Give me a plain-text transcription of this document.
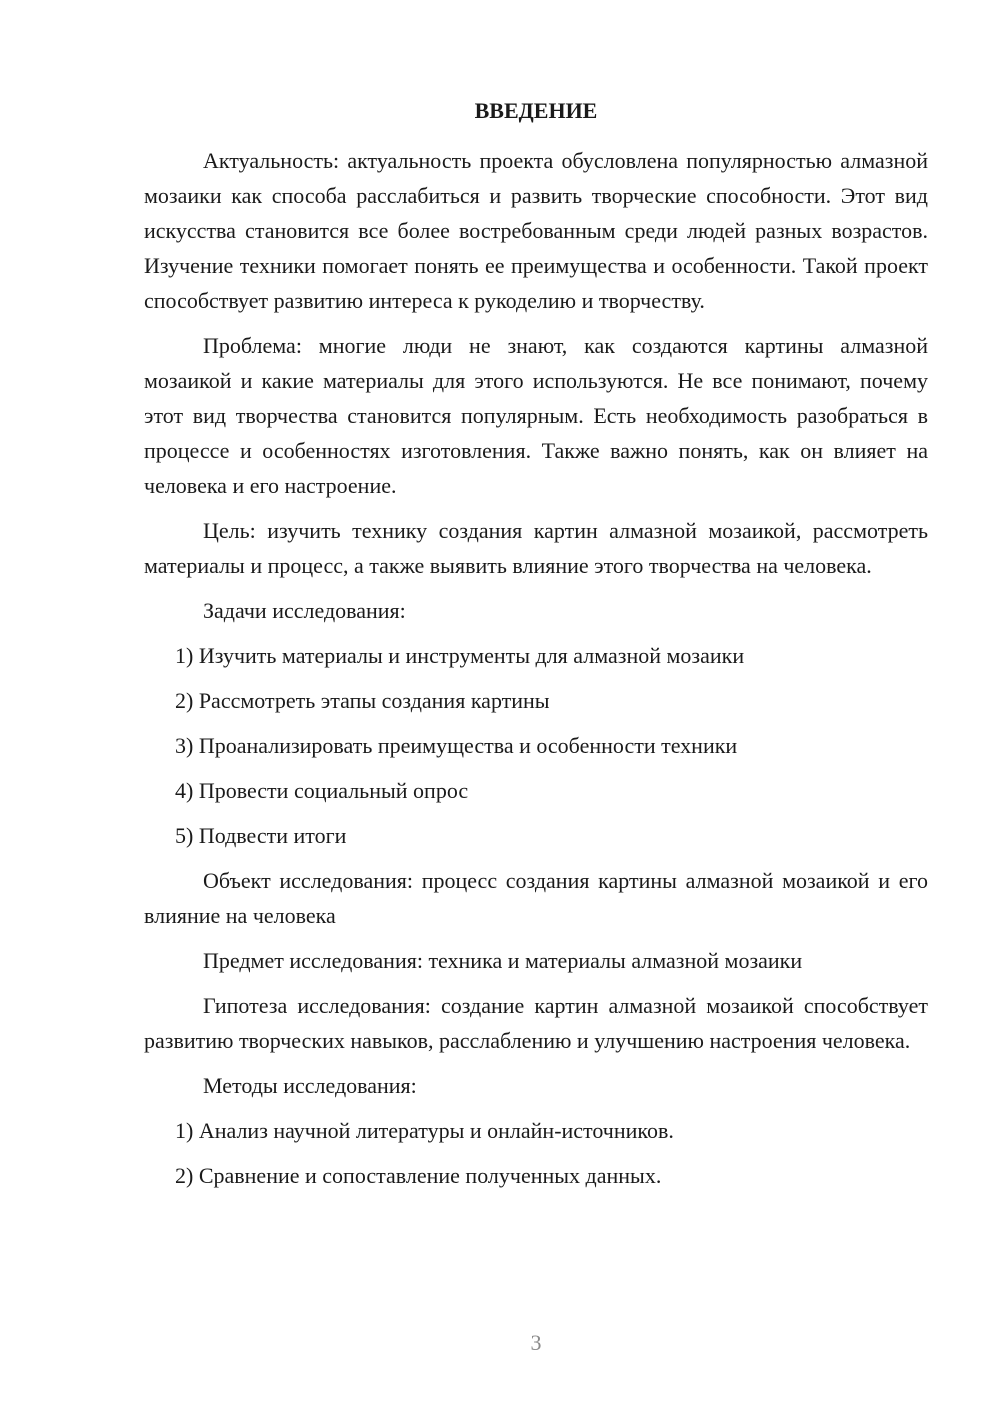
ВВЕДЕНИЕ

Актуальность: актуальность проекта обусловлена популярностью алмазной мозаики как способа расслабиться и развить творческие способности. Этот вид искусства становится все более востребованным среди людей разных возрастов. Изучение техники помогает понять ее преимущества и особенности. Такой проект способствует развитию интереса к рукоделию и творчеству.

Проблема: многие люди не знают, как создаются картины алмазной мозаикой и какие материалы для этого используются. Не все понимают, почему этот вид творчества становится популярным. Есть необходимость разобраться в процессе и особенностях изготовления. Также важно понять, как он влияет на человека и его настроение.

Цель: изучить технику создания картин алмазной мозаикой, рассмотреть материалы и процесс, а также выявить влияние этого творчества на человека.

Задачи исследования:

1) Изучить материалы и инструменты для алмазной мозаики
2) Рассмотреть этапы создания картины
3) Проанализировать преимущества и особенности техники
4) Провести социальный опрос
5) Подвести итоги

Объект исследования: процесс создания картины алмазной мозаикой и его влияние на человека

Предмет исследования: техника и материалы алмазной мозаики

Гипотеза исследования: создание картин алмазной мозаикой способствует развитию творческих навыков, расслаблению и улучшению настроения человека.

Методы исследования:

1) Анализ научной литературы и онлайн-источников.
2) Сравнение и сопоставление полученных данных.
3
